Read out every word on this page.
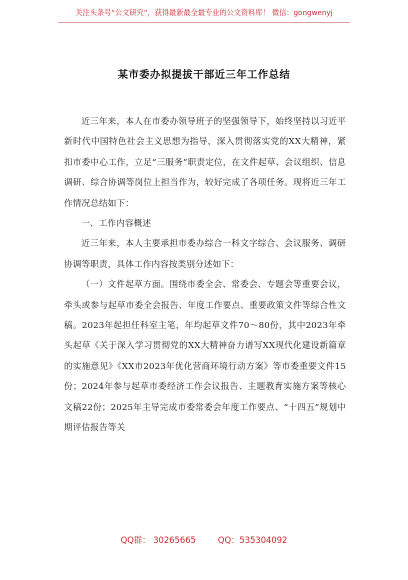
关注头条号“公文研究”，获得最新最全最专业的公文资料库！ 微信：gongwenyj
某市委办拟提拔干部近三年工作总结

近三年来，本人在市委办领导班子的坚强领导下，始终坚持以习近平新时代中国特色社会主义思想为指导，深入贯彻落实党的XX大精神，紧扣市委中心工作，立足“三服务”职责定位，在文件起草、会议组织、信息调研、综合协调等岗位上担当作为，较好完成了各项任务。现将近三年工作情况总结如下：

一、工作内容概述

近三年来，本人主要承担市委办综合一科文字综合、会议服务、调研协调等职责，具体工作内容按类别分述如下：

（一）文件起草方面。围绕市委全会、常委会、专题会等重要会议，牵头或参与起草市委全会报告、年度工作要点、重要政策文件等综合性文稿。2023年起担任科室主笔，年均起草文件70～80份，其中2023年牵头起草《关于深入学习贯彻党的XX大精神奋力谱写XX现代化建设新篇章的实施意见》《XX市2023年优化营商环境行动方案》等市委重要文件15份；2024年参与起草市委经济工作会议报告、主题教育实施方案等核心文稿22份；2025年主导完成市委常委会年度工作要点、“十四五”规划中期评估报告等关

QQ群： 30265665	QQ：535304092
